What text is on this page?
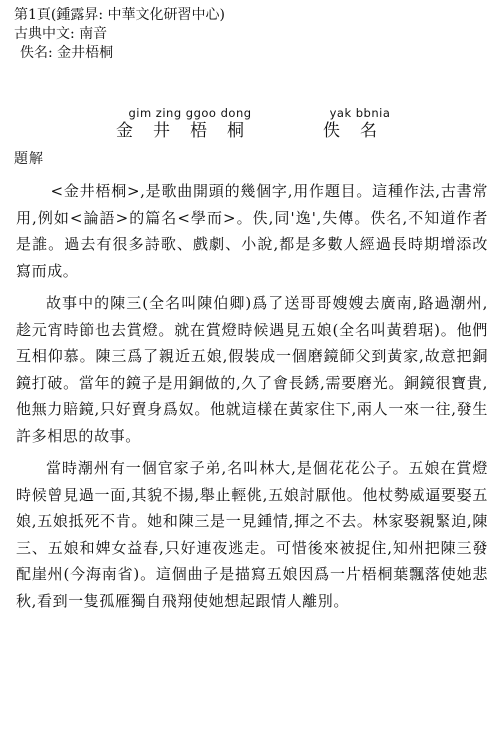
第1頁(鍾露昇: 中華文化研習中心)
古典中文: 南音
佚名: 金井梧桐
gim zing ggoo dong
金井梧桐
yak bbnia
佚名
題解

<金井梧桐>,是歌曲開頭的幾個字,用作題目。這種作法,古書常用,例如<論語>的篇名<學而>。佚,同'逸',失傳。佚名,不知道作者是誰。過去有很多詩歌、戲劇、小說,都是多數人經過長時期增添改寫而成。

故事中的陳三(全名叫陳伯卿)爲了送哥哥嫂嫂去廣南,路過潮州,趁元宵時節也去賞燈。就在賞燈時候遇見五娘(全名叫黃碧琚)。他們互相仰慕。陳三爲了親近五娘,假裝成一個磨鏡師父到黃家,故意把銅鏡打破。當年的鏡子是用銅做的,久了會長銹,需要磨光。銅鏡很寶貴,他無力賠鏡,只好賣身爲奴。他就這樣在黃家住下,兩人一來一往,發生許多相思的故事。

當時潮州有一個官家子弟,名叫林大,是個花花公子。五娘在賞燈時候曾見過一面,其貌不揚,舉止輕佻,五娘討厭他。他杖勢威逼要娶五娘,五娘抵死不肯。她和陳三是一見鍾情,揮之不去。林家娶親緊迫,陳三、五娘和婢女益春,只好連夜逃走。可惜後來被捉住,知州把陳三發配崖州(今海南省)。這個曲子是描寫五娘因爲一片梧桐葉飄落使她悲秋,看到一隻孤雁獨自飛翔使她想起跟情人離別。
